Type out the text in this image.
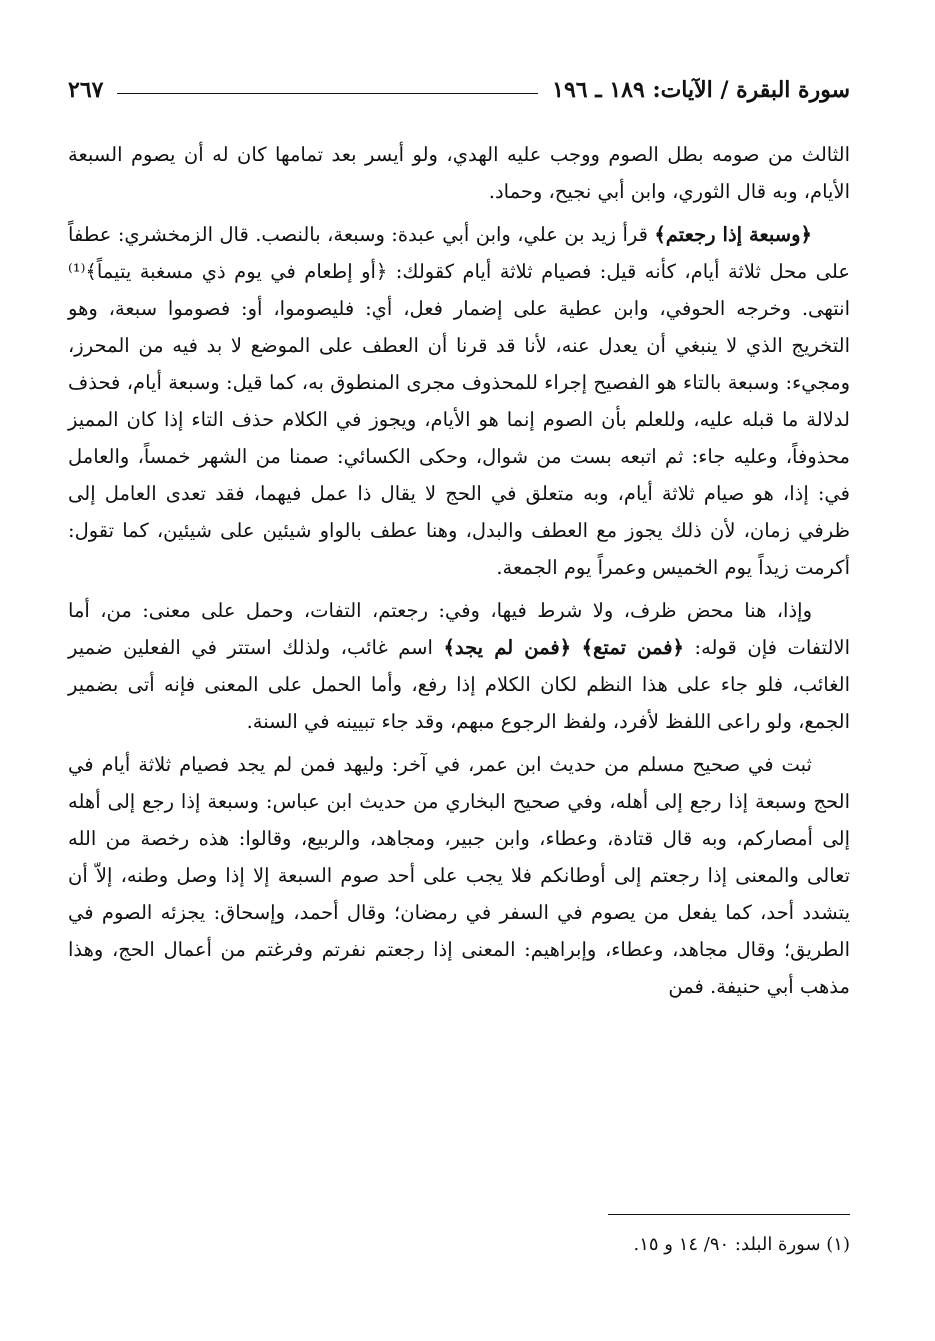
سورة البقرة / الآيات: ١٨٩ ـ ١٩٦
٢٦٧

الثالث من صومه بطل الصوم ووجب عليه الهدي، ولو أيسر بعد تمامها كان له أن يصوم السبعة الأيام، وبه قال الثوري، وابن أبي نجيح، وحماد.

﴿وسبعة إذا رجعتم﴾ قرأ زيد بن علي، وابن أبي عبدة: وسبعة، بالنصب. قال الزمخشري: عطفاً على محل ثلاثة أيام، كأنه قيل: فصيام ثلاثة أيام كقولك: ﴿أو إطعام في يوم ذي مسغبة يتيماً﴾⁽¹⁾ انتهى. وخرجه الحوفي، وابن عطية على إضمار فعل، أي: فليصوموا، أو: فصوموا سبعة، وهو التخريج الذي لا ينبغي أن يعدل عنه، لأنا قد قرنا أن العطف على الموضع لا بد فيه من المحرز، ومجيء: وسبعة بالتاء هو الفصيح إجراء للمحذوف مجرى المنطوق به، كما قيل: وسبعة أيام، فحذف لدلالة ما قبله عليه، وللعلم بأن الصوم إنما هو الأيام، ويجوز في الكلام حذف التاء إذا كان المميز محذوفاً، وعليه جاء: ثم اتبعه بست من شوال، وحكى الكسائي: صمنا من الشهر خمساً، والعامل في: إذا، هو صيام ثلاثة أيام، وبه متعلق في الحج لا يقال ذا عمل فيهما، فقد تعدى العامل إلى ظرفي زمان، لأن ذلك يجوز مع العطف والبدل، وهنا عطف بالواو شيئين على شيئين، كما تقول: أكرمت زيداً يوم الخميس وعمراً يوم الجمعة.

وإذا، هنا محض ظرف، ولا شرط فيها، وفي: رجعتم، التفات، وحمل على معنى: من، أما الالتفات فإن قوله: ﴿فمن تمتع﴾ ﴿فمن لم يجد﴾ اسم غائب، ولذلك استتر في الفعلين ضمير الغائب، فلو جاء على هذا النظم لكان الكلام إذا رفع، وأما الحمل على المعنى فإنه أتى بضمير الجمع، ولو راعى اللفظ لأفرد، ولفظ الرجوع مبهم، وقد جاء تبيينه في السنة.

ثبت في صحيح مسلم من حديث ابن عمر، في آخر: وليهد فمن لم يجد فصيام ثلاثة أيام في الحج وسبعة إذا رجع إلى أهله، وفي صحيح البخاري من حديث ابن عباس: وسبعة إذا رجع إلى أهله إلى أمصاركم، وبه قال قتادة، وعطاء، وابن جبير، ومجاهد، والربيع، وقالوا: هذه رخصة من الله تعالى والمعنى إذا رجعتم إلى أوطانكم فلا يجب على أحد صوم السبعة إلا إذا وصل وطنه، إلاّ أن يتشدد أحد، كما يفعل من يصوم في السفر في رمضان؛ وقال أحمد، وإسحاق: يجزئه الصوم في الطريق؛ وقال مجاهد، وعطاء، وإبراهيم: المعنى إذا رجعتم نفرتم وفرغتم من أعمال الحج، وهذا مذهب أبي حنيفة. فمن

(١) سورة البلد: ٩٠/ ١٤ و ١٥.
